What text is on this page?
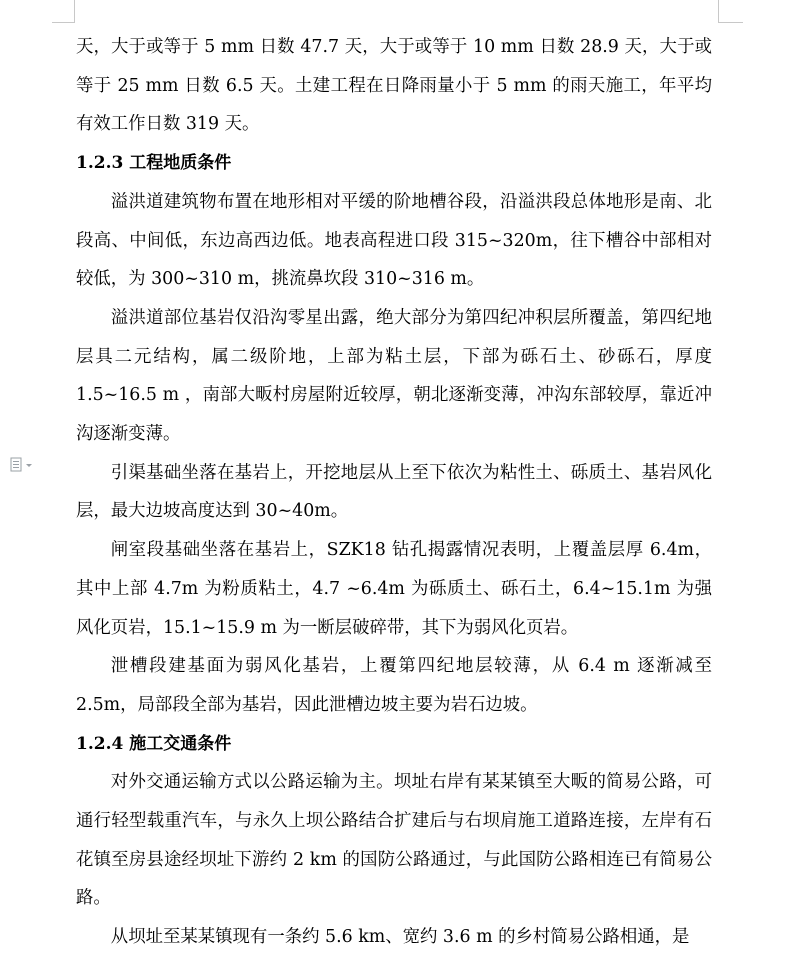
天，大于或等于 5 mm 日数 47.7 天，大于或等于 10 mm 日数 28.9 天，大于或等于 25 mm 日数 6.5 天。土建工程在日降雨量小于 5 mm 的雨天施工，年平均有效工作日数 319 天。

1.2.3 工程地质条件

溢洪道建筑物布置在地形相对平缓的阶地槽谷段，沿溢洪段总体地形是南、北段高、中间低，东边高西边低。地表高程进口段 315~320m，往下槽谷中部相对较低，为 300~310 m，挑流鼻坎段 310~316 m。

溢洪道部位基岩仅沿沟零星出露，绝大部分为第四纪冲积层所覆盖，第四纪地层具二元结构，属二级阶地，上部为粘土层，下部为砾石土、砂砾石，厚度 1.5~16.5 m ，南部大畈村房屋附近较厚，朝北逐渐变薄，冲沟东部较厚，靠近冲沟逐渐变薄。

引渠基础坐落在基岩上，开挖地层从上至下依次为粘性土、砾质土、基岩风化层，最大边坡高度达到 30~40m。

闸室段基础坐落在基岩上，SZK18 钻孔揭露情况表明，上覆盖层厚 6.4m，其中上部 4.7m 为粉质粘土，4.7 ~6.4m 为砾质土、砾石土，6.4~15.1m 为强风化页岩，15.1~15.9 m 为一断层破碎带，其下为弱风化页岩。

泄槽段建基面为弱风化基岩，上覆第四纪地层较薄，从 6.4 m 逐渐减至 2.5m，局部段全部为基岩，因此泄槽边坡主要为岩石边坡。

1.2.4 施工交通条件

对外交通运输方式以公路运输为主。坝址右岸有某某镇至大畈的简易公路，可通行轻型载重汽车，与永久上坝公路结合扩建后与右坝肩施工道路连接，左岸有石花镇至房县途经坝址下游约 2 km 的国防公路通过，与此国防公路相连已有简易公路。

从坝址至某某镇现有一条约 5.6 km、宽约 3.6 m 的乡村简易公路相通，是
